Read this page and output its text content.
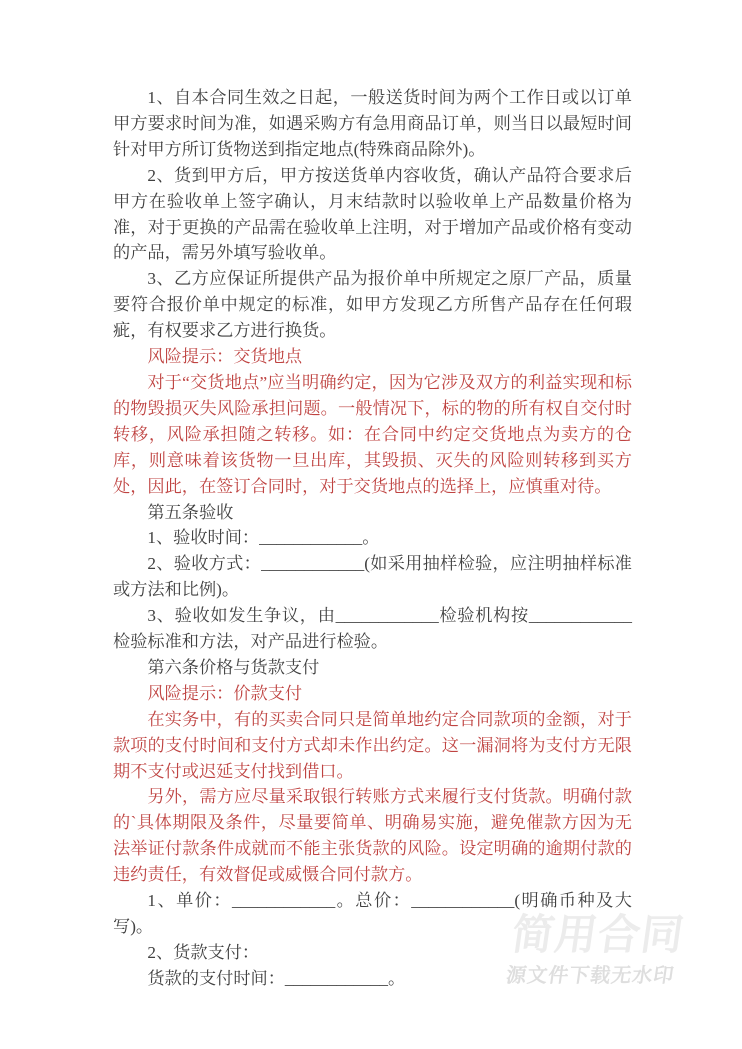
1、自本合同生效之日起，一般送货时间为两个工作日或以订单甲方要求时间为准，如遇采购方有急用商品订单，则当日以最短时间针对甲方所订货物送到指定地点(特殊商品除外)。

2、货到甲方后，甲方按送货单内容收货，确认产品符合要求后甲方在验收单上签字确认，月末结款时以验收单上产品数量价格为准，对于更换的产品需在验收单上注明，对于增加产品或价格有变动的产品，需另外填写验收单。

3、乙方应保证所提供产品为报价单中所规定之原厂产品，质量要符合报价单中规定的标准，如甲方发现乙方所售产品存在任何瑕疵，有权要求乙方进行换货。

风险提示：交货地点

对于“交货地点”应当明确约定，因为它涉及双方的利益实现和标的物毁损灭失风险承担问题。一般情况下，标的物的所有权自交付时转移，风险承担随之转移。如：在合同中约定交货地点为卖方的仓库，则意味着该货物一旦出库，其毁损、灭失的风险则转移到买方处，因此，在签订合同时，对于交货地点的选择上，应慎重对待。

第五条验收

1、验收时间：____________。

2、验收方式：____________(如采用抽样检验，应注明抽样标准或方法和比例)。

3、验收如发生争议，由____________检验机构按____________检验标准和方法，对产品进行检验。

第六条价格与货款支付

风险提示：价款支付

在实务中，有的买卖合同只是简单地约定合同款项的金额，对于款项的支付时间和支付方式却未作出约定。这一漏洞将为支付方无限期不支付或迟延支付找到借口。

另外，需方应尽量采取银行转账方式来履行支付货款。明确付款的`具体期限及条件，尽量要简单、明确易实施，避免催款方因为无法举证付款条件成就而不能主张货款的风险。设定明确的逾期付款的违约责任，有效督促或威慑合同付款方。

1、单价：____________。总价：____________(明确币种及大写)。

2、货款支付：

货款的支付时间：____________。

简用合同
源文件下载无水印
